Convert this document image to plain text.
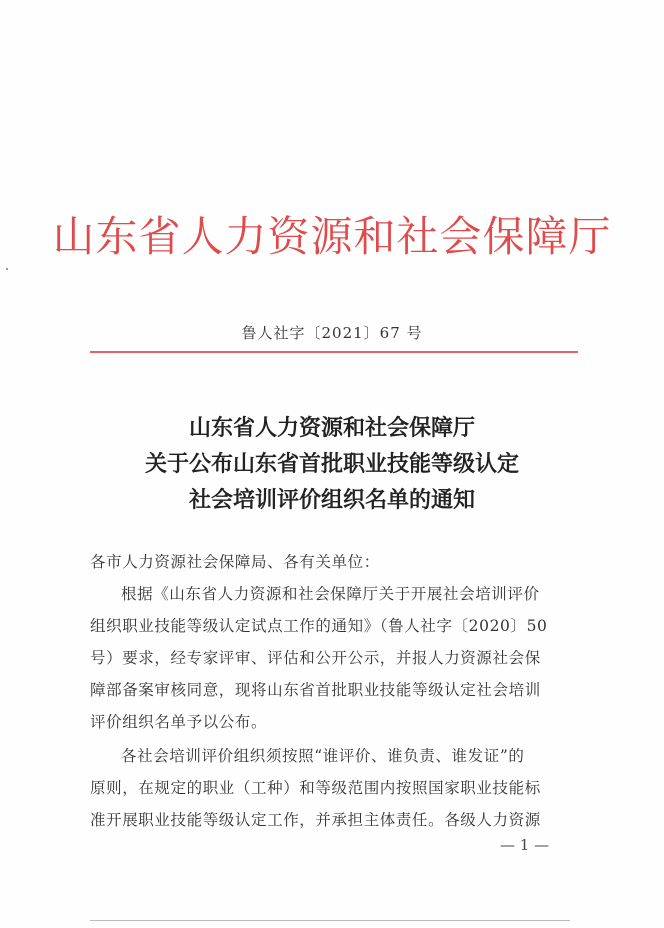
山东省人力资源和社会保障厅
鲁人社字〔2021〕67 号
山东省人力资源和社会保障厅
关于公布山东省首批职业技能等级认定
社会培训评价组织名单的通知
各市人力资源社会保障局、各有关单位：
根据《山东省人力资源和社会保障厅关于开展社会培训评价
组织职业技能等级认定试点工作的通知》（鲁人社字〔2020〕50
号）要求，经专家评审、评估和公开公示，并报人力资源社会保
障部备案审核同意，现将山东省首批职业技能等级认定社会培训
评价组织名单予以公布。
各社会培训评价组织须按照“谁评价、谁负责、谁发证”的
原则，在规定的职业（工种）和等级范围内按照国家职业技能标
准开展职业技能等级认定工作，并承担主体责任。各级人力资源
— 1 —
